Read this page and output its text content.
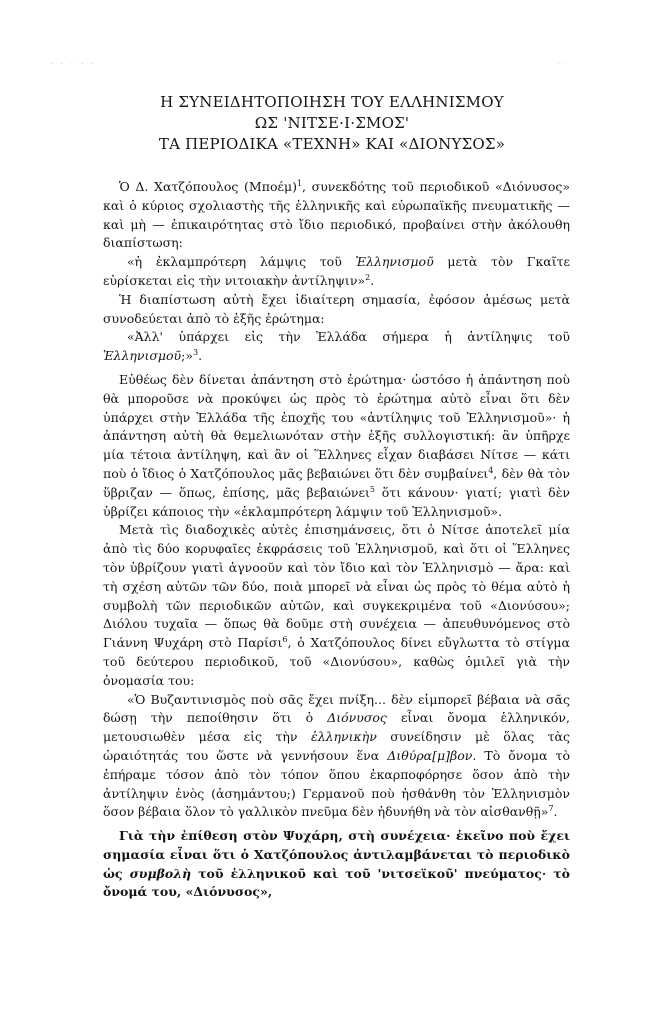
· · · · ·	· ·
Η ΣΥΝΕΙΔΗΤΟΠΟΙΗΣΗ ΤΟΥ ΕΛΛΗΝΙΣΜΟΥ
ΩΣ 'ΝΙΤΣΕ·Ι·ΣΜΟΣ'
ΤΑ ΠΕΡΙΟΔΙΚΑ «ΤΕΧΝΗ» ΚΑΙ «ΔΙΟΝΥΣΟΣ»

Ὁ Δ. Χατζόπουλος $(M\pi oέ\mu)^1$, συνεκδότης τοῦ περιοδικοῦ «Διόνυσος» καὶ ὁ κύριος σχολιαστὴς τῆς ἑλληνικῆς καὶ εὐρωπαϊκῆς πνευματικῆς — καὶ μὴ — ἐπικαιρότητας στὸ ἴδιο περιοδικό, προβαίνει στὴν ἀκόλουθη διαπίστωση:

«ἡ ἐκλαμπρότερη λάμψις τοῦ Ἑλληνισμοῦ μετὰ τὸν Γκαῖτε εὑρίσκεται εἰς τὴν νιτοιακὴν ἀντίληψιν»$^2$.

Ἡ διαπίστωση αὐτὴ ἔχει ἰδιαίτερη σημασία, ἐφόσον ἀμέσως μετὰ συνοδεύεται ἀπὸ τὸ ἑξῆς ἐρώτημα:

«Ἀλλ' ὑπάρχει εἰς τὴν Ἑλλάδα σήμερα ἡ ἀντίληψις τοῦ Ἑλληνισμοῦ;»$^3$.

Εὐθέως δὲν δίνεται ἀπάντηση στὸ ἐρώτημα· ὡστόσο ἡ ἀπάντηση ποὺ θὰ μποροῦσε νὰ προκύψει ὡς πρὸς τὸ ἐρώτημα αὐτὸ εἶναι ὅτι δὲν ὑπάρχει στὴν Ἑλλάδα τῆς ἐποχῆς του «ἀντίληψις τοῦ Ἑλληνισμοῦ»· ἡ ἀπάντηση αὐτὴ θὰ θεμελιωνόταν στὴν ἑξῆς συλλογιστική: ἂν ὑπῆρχε μία τέτοια ἀντίληψη, καὶ ἂν οἱ Ἕλληνες εἶχαν διαβάσει Νίτσε — κάτι ποὺ ὁ ἴδιος ὁ Χατζόπουλος μᾶς βεβαιώνει ὅτι δὲν συμβαίνει$^4$, δὲν θὰ τὸν ὕβριζαν — ὅπως, ἐπίσης, μᾶς βεβαιώνει$^5$ ὅτι κάνουν· γιατί; γιατὶ δὲν ὑβρίζει κάποιος τὴν «ἐκλαμπρότερη λάμψιν τοῦ Ἑλληνισμοῦ».

Μετὰ τὶς διαδοχικὲς αὐτὲς ἐπισημάνσεις, ὅτι ὁ Νίτσε ἀποτελεῖ μία ἀπὸ τὶς δύο κορυφαῖες ἐκφράσεις τοῦ Ἑλληνισμοῦ, καὶ ὅτι οἱ Ἕλληνες τὸν ὑβρίζουν γιατὶ ἀγνοοῦν καὶ τὸν ἴδιο καὶ τὸν Ἑλληνισμὸ — ἄρα: καὶ τὴ σχέση αὐτῶν τῶν δύο, ποιὰ μπορεῖ νὰ εἶναι ὡς πρὸς τὸ θέμα αὐτὸ ἡ συμβολὴ τῶν περιοδικῶν αὐτῶν, καὶ συγκεκριμένα τοῦ «Διονύσου»; Διόλου τυχαῖα — ὅπως θὰ δοῦμε στὴ συνέχεια — ἀπευθυνόμενος στὸ Γιάννη Ψυχάρη στὸ Παρίσι$^6$, ὁ Χατζόπουλος δίνει εὔγλωττα τὸ στίγμα τοῦ δεύτερου περιοδικοῦ, τοῦ «Διονύσου», καθὼς ὁμιλεῖ γιὰ τὴν ὀνομασία του:

«Ὁ Βυζαντινισμὸς ποὺ σᾶς ἔχει πνίξη... δὲν εἱμπορεῖ βέβαια νὰ σᾶς δώσῃ τὴν πεποίθησιν ὅτι ὁ Διόνυσος εἶναι ὄνομα ἑλληνικόν, μετουσιωθὲν μέσα εἰς τὴν ἑλληνικὴν συνείδησιν μὲ ὅλας τὰς ὡραιότητάς του ὥστε νὰ γεννήσουν ἕνα Διθύρα[μ]βον. Τὸ ὄνομα τὸ ἐπήραμε τόσον ἀπὸ τὸν τόπον ὅπου ἐκαρποφόρησε ὅσον ἀπὸ τὴν ἀντίληψιν ἑνὸς (ἀσημάντου;) Γερμανοῦ ποὺ ἠσθάνθη τὸν Ἑλληνισμὸν ὅσον βέβαια ὅλον τὸ γαλλικὸν πνεῦμα δὲν ἠδυνήθη νὰ τὸν αἰσθανθῇ»$^7$.

Γιὰ τὴν ἐπίθεση στὸν Ψυχάρη, στὴ συνέχεια· ἐκεῖνο ποὺ ἔχει σημασία εἶναι ὅτι ὁ Χατζόπουλος ἀντιλαμβάνεται τὸ περιοδικὸ ὡς συμβολὴ τοῦ ἑλληνικοῦ καὶ τοῦ 'νιτσεϊκοῦ' πνεύματος· τὸ ὄνομά του, «Διόνυσος»,
